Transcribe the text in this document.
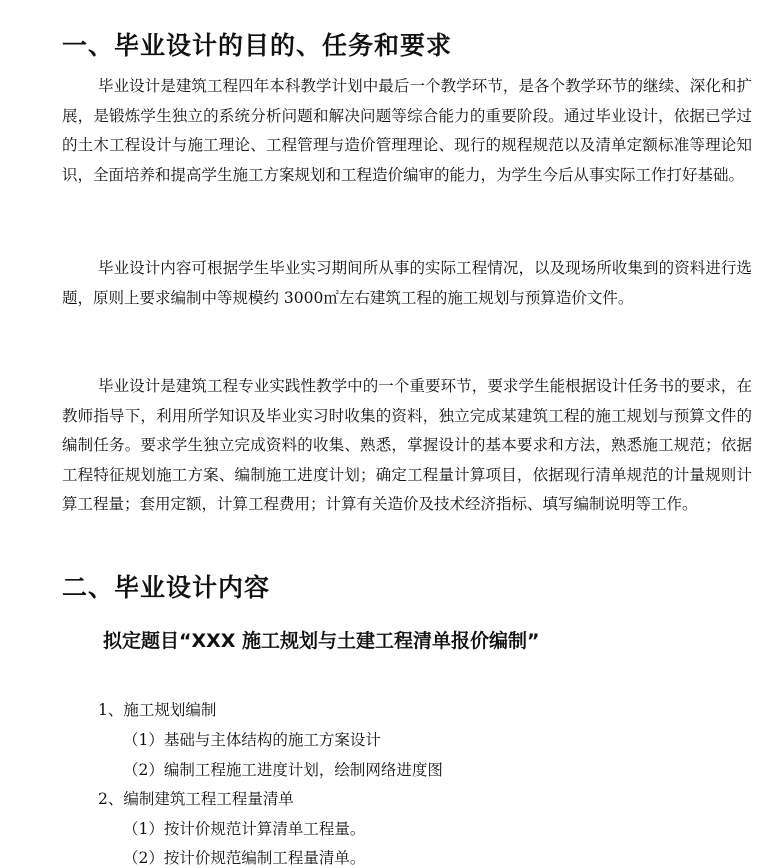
一、毕业设计的目的、任务和要求

毕业设计是建筑工程四年本科教学计划中最后一个教学环节，是各个教学环节的继续、深化和扩展，是锻炼学生独立的系统分析问题和解决问题等综合能力的重要阶段。通过毕业设计，依据已学过的土木工程设计与施工理论、工程管理与造价管理理论、现行的规程规范以及清单定额标准等理论知识，全面培养和提高学生施工方案规划和工程造价编审的能力，为学生今后从事实际工作打好基础。

毕业设计内容可根据学生毕业实习期间所从事的实际工程情况，以及现场所收集到的资料进行选题，原则上要求编制中等规模约 3000㎡左右建筑工程的施工规划与预算造价文件。

毕业设计是建筑工程专业实践性教学中的一个重要环节，要求学生能根据设计任务书的要求，在教师指导下，利用所学知识及毕业实习时收集的资料，独立完成某建筑工程的施工规划与预算文件的编制任务。要求学生独立完成资料的收集、熟悉，掌握设计的基本要求和方法，熟悉施工规范；依据工程特征规划施工方案、编制施工进度计划；确定工程量计算项目，依据现行清单规范的计量规则计算工程量；套用定额，计算工程费用；计算有关造价及技术经济指标、填写编制说明等工作。

二、毕业设计内容

拟定题目“XXX 施工规划与土建工程清单报价编制”

1、施工规划编制

（1）基础与主体结构的施工方案设计

（2）编制工程施工进度计划，绘制网络进度图

2、编制建筑工程工程量清单

（1）按计价规范计算清单工程量。

（2）按计价规范编制工程量清单。
